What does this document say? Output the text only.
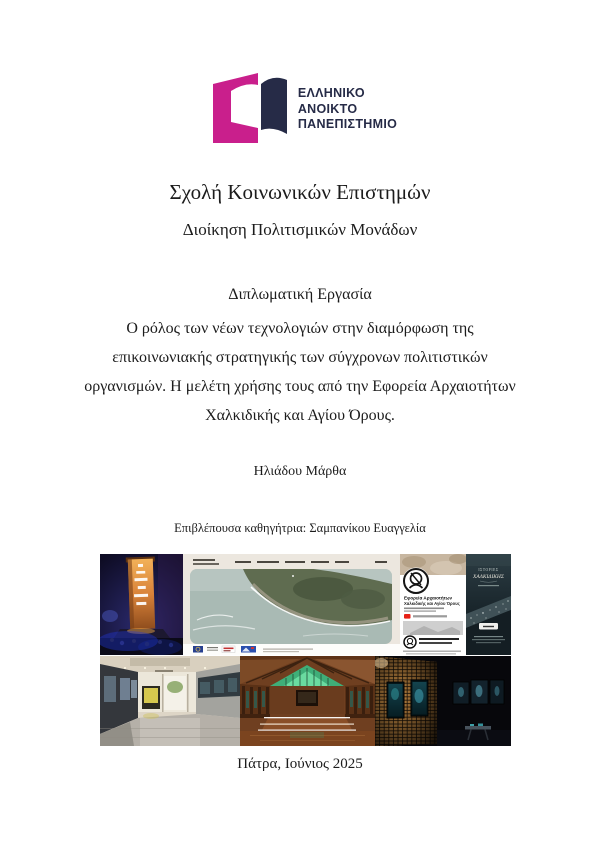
ΕΛΛΗΝΙΚΟ
ΑΝΟΙΚΤΟ
ΠΑΝΕΠΙΣΤΗΜΙΟ
Σχολή Κοινωνικών Επιστημών
Διοίκηση Πολιτισμικών Μονάδων
Διπλωματική Εργασία
Ο ρόλος των νέων τεχνολογιών στην διαμόρφωση της
επικοινωνιακής στρατηγικής των σύγχρονων πολιτιστικών
οργανισμών. Η μελέτη χρήσης τους από την Εφορεία Αρχαιοτήτων
Χαλκιδικής και Αγίου Όρους.
Ηλιάδου Μάρθα
Επιβλέπουσα καθηγήτρια: Σαμπανίκου Ευαγγελία
Εφορεία Αρχαιοτήτων
Χαλκιδικής και Αγίου Όρους
ΙΣΤΟΡΙΕΣ
ΧΑΛΚΙΔΙΚΗΣ
Πάτρα, Ιούνιος 2025
